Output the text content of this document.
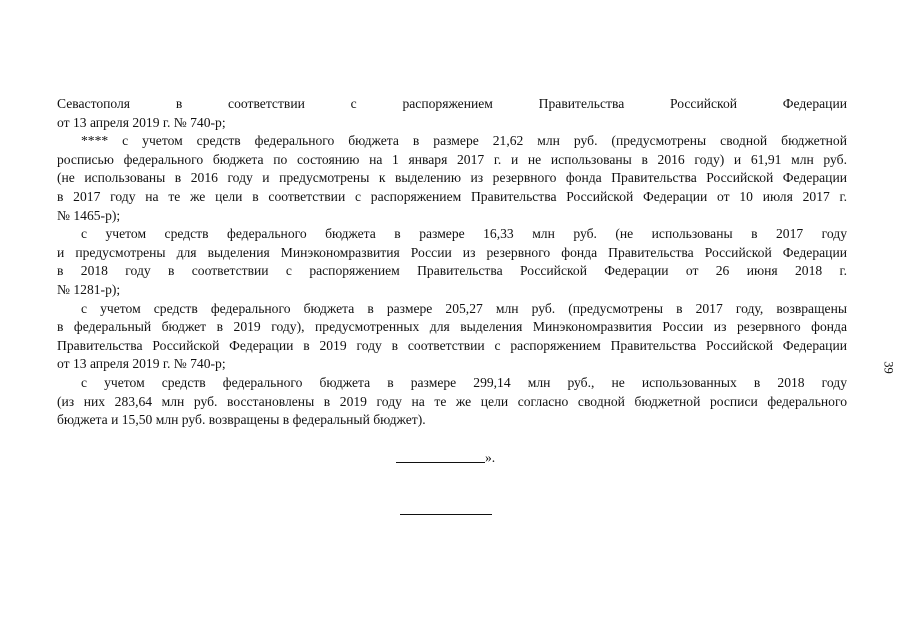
Севастополя в соответствии с распоряжением Правительства Российской Федерации
от 13 апреля 2019 г. № 740-р;
**** с учетом средств федерального бюджета в размере 21,62 млн руб. (предусмотрены сводной бюджетной
росписью федерального бюджета по состоянию на 1 января 2017 г. и не использованы в 2016 году) и 61,91 млн руб.
(не использованы в 2016 году и предусмотрены к выделению из резервного фонда Правительства Российской Федерации
в 2017 году на те же цели в соответствии с распоряжением Правительства Российской Федерации от 10 июля 2017 г.
№ 1465-р);
с учетом средств федерального бюджета в размере 16,33 млн руб. (не использованы в 2017 году
и предусмотрены для выделения Минэкономразвития России из резервного фонда Правительства Российской Федерации
в 2018 году в соответствии с распоряжением Правительства Российской Федерации от 26 июня 2018 г.
№ 1281-р);
с учетом средств федерального бюджета в размере 205,27 млн руб. (предусмотрены в 2017 году, возвращены
в федеральный бюджет в 2019 году), предусмотренных для выделения Минэкономразвития России из резервного фонда
Правительства Российской Федерации в 2019 году в соответствии с распоряжением Правительства Российской Федерации
от 13 апреля 2019 г. № 740-р;
с учетом средств федерального бюджета в размере 299,14 млн руб., не использованных в 2018 году
(из них 283,64 млн руб. восстановлены в 2019 году на те же цели согласно сводной бюджетной росписи федерального
бюджета и 15,50 млн руб. возвращены в федеральный бюджет).
».
39
